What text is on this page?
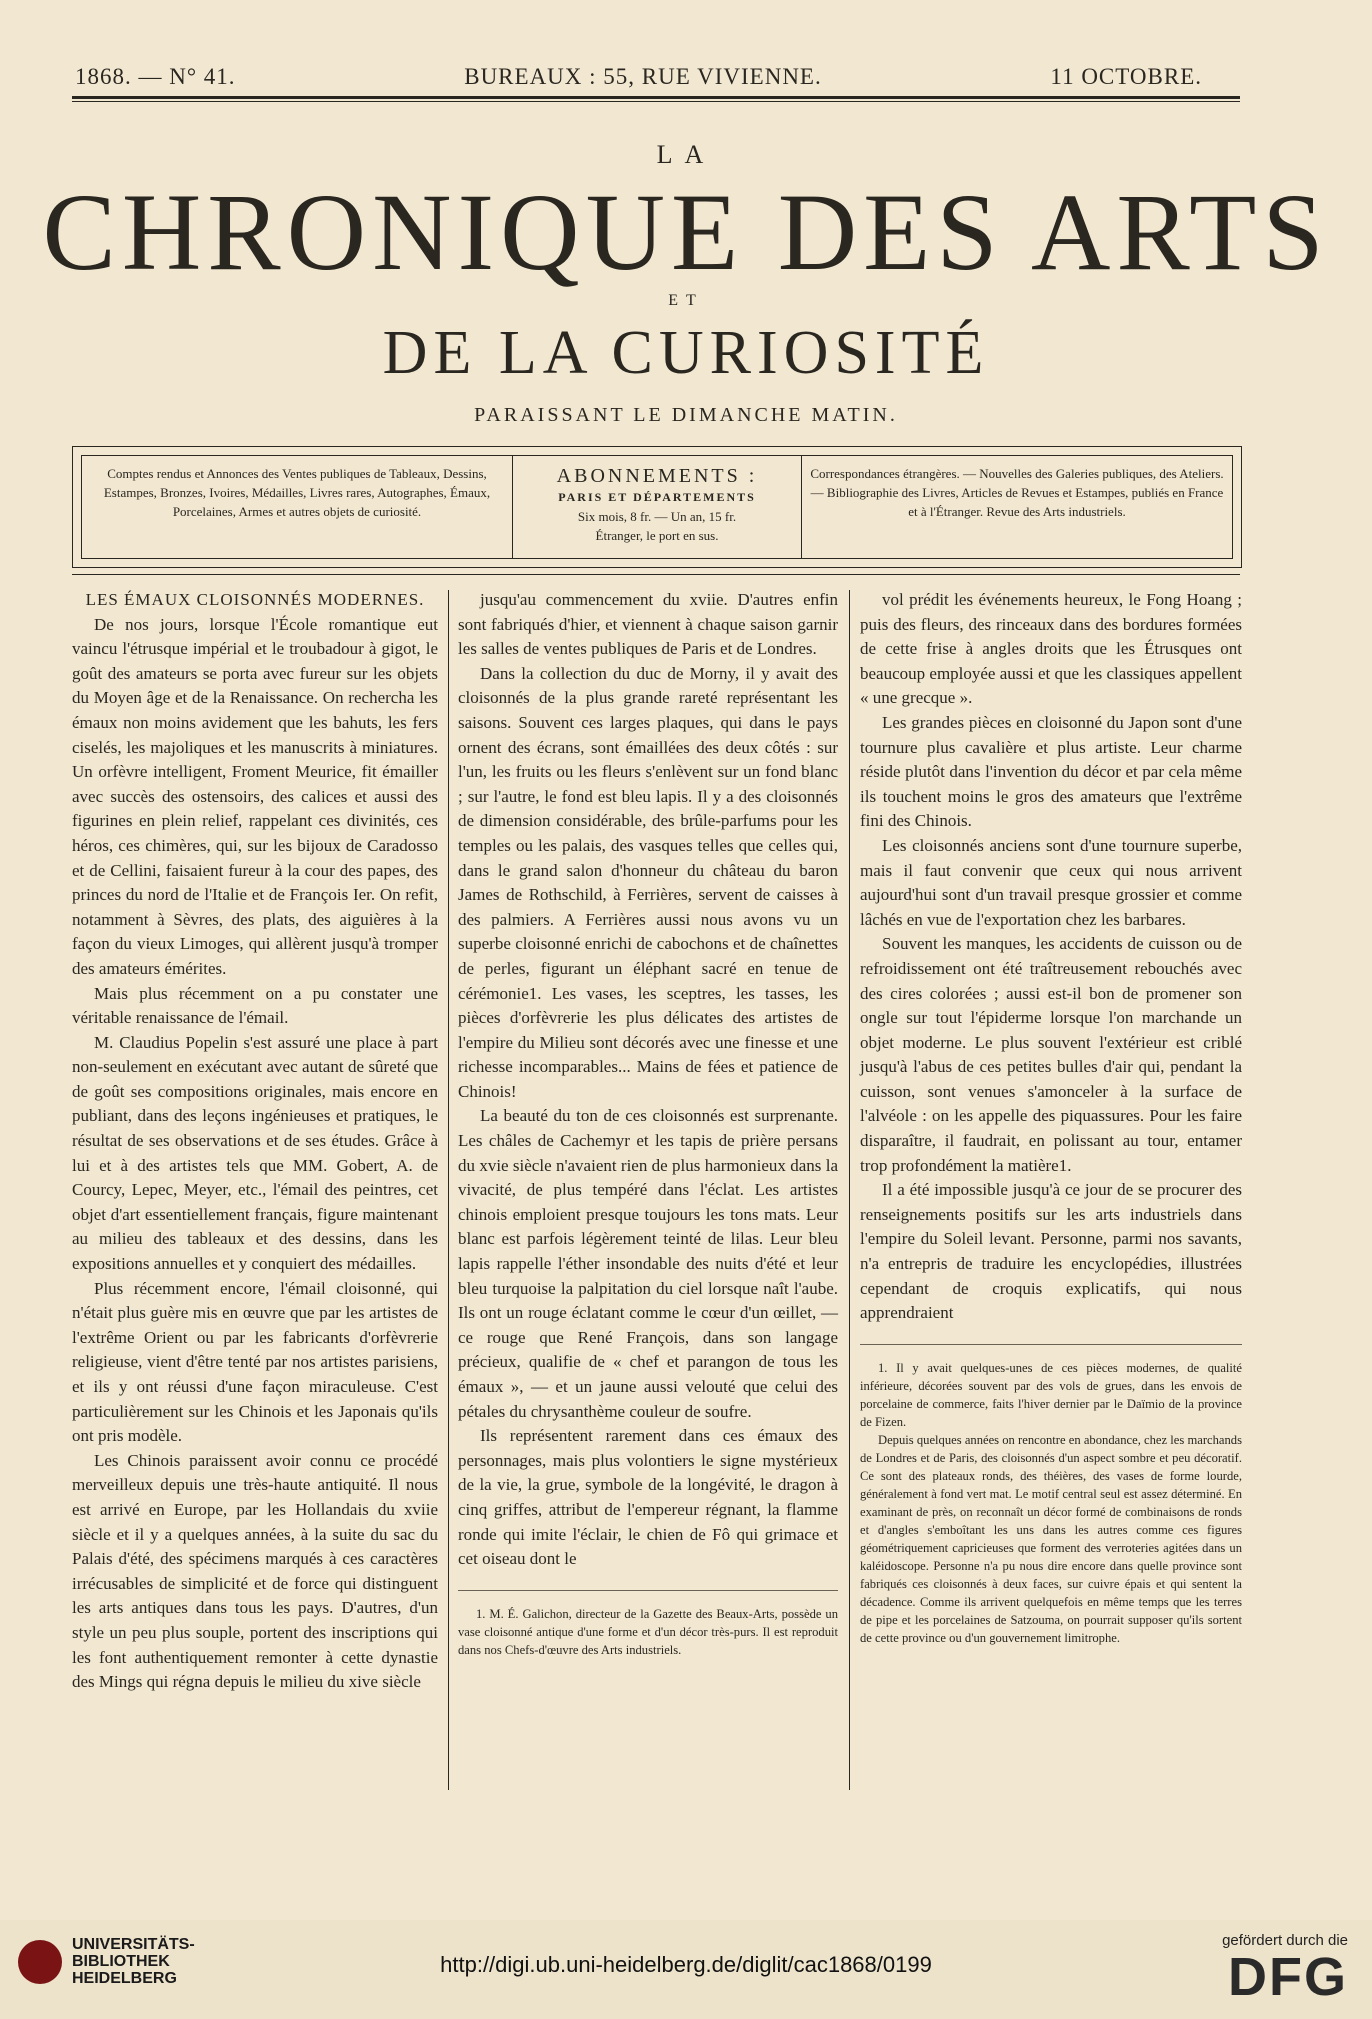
1868. — N° 41.	BUREAUX : 55, RUE VIVIENNE.	11 OCTOBRE.
LA
CHRONIQUE DES ARTS
ET
DE LA CURIOSITÉ
PARAISSANT LE DIMANCHE MATIN.
Comptes rendus et Annonces des Ventes publiques de Tableaux, Dessins, Estampes, Bronzes, Ivoires, Médailles, Livres rares, Autographes, Émaux, Porcelaines, Armes et autres objets de curiosité.
ABONNEMENTS :
PARIS ET DÉPARTEMENTS
Six mois, 8 fr. — Un an, 15 fr.
Étranger, le port en sus.
Correspondances étrangères. — Nouvelles des Galeries publiques, des Ateliers. — Bibliographie des Livres, Articles de Revues et Estampes, publiés en France et à l'Étranger. Revue des Arts industriels.

LES ÉMAUX CLOISONNÉS MODERNES.

De nos jours, lorsque l'École romantique eut vaincu l'étrusque impérial et le troubadour à gigot, le goût des amateurs se porta avec fureur sur les objets du Moyen âge et de la Renaissance. On rechercha les émaux non moins avidement que les bahuts, les fers ciselés, les majoliques et les manuscrits à miniatures. Un orfèvre intelligent, Froment Meurice, fit émailler avec succès des ostensoirs, des calices et aussi des figurines en plein relief, rappelant ces divinités, ces héros, ces chimères, qui, sur les bijoux de Caradosso et de Cellini, faisaient fureur à la cour des papes, des princes du nord de l'Italie et de François Ier. On refit, notamment à Sèvres, des plats, des aiguières à la façon du vieux Limoges, qui allèrent jusqu'à tromper des amateurs émérites.

Mais plus récemment on a pu constater une véritable renaissance de l'émail.

M. Claudius Popelin s'est assuré une place à part non-seulement en exécutant avec autant de sûreté que de goût ses compositions originales, mais encore en publiant, dans des leçons ingénieuses et pratiques, le résultat de ses observations et de ses études. Grâce à lui et à des artistes tels que MM. Gobert, A. de Courcy, Lepec, Meyer, etc., l'émail des peintres, cet objet d'art essentiellement français, figure maintenant au milieu des tableaux et des dessins, dans les expositions annuelles et y conquiert des médailles.

Plus récemment encore, l'émail cloisonné, qui n'était plus guère mis en œuvre que par les artistes de l'extrême Orient ou par les fabricants d'orfèvrerie religieuse, vient d'être tenté par nos artistes parisiens, et ils y ont réussi d'une façon miraculeuse. C'est particulièrement sur les Chinois et les Japonais qu'ils ont pris modèle.

Les Chinois paraissent avoir connu ce procédé merveilleux depuis une très-haute antiquité. Il nous est arrivé en Europe, par les Hollandais du xviie siècle et il y a quelques années, à la suite du sac du Palais d'été, des spécimens marqués à ces caractères irrécusables de simplicité et de force qui distinguent les arts antiques dans tous les pays. D'autres, d'un style un peu plus souple, portent des inscriptions qui les font authentiquement remonter à cette dynastie des Mings qui régna depuis le milieu du xive siècle

jusqu'au commencement du xviie. D'autres enfin sont fabriqués d'hier, et viennent à chaque saison garnir les salles de ventes publiques de Paris et de Londres.

Dans la collection du duc de Morny, il y avait des cloisonnés de la plus grande rareté représentant les saisons. Souvent ces larges plaques, qui dans le pays ornent des écrans, sont émaillées des deux côtés : sur l'un, les fruits ou les fleurs s'enlèvent sur un fond blanc ; sur l'autre, le fond est bleu lapis. Il y a des cloisonnés de dimension considérable, des brûle-parfums pour les temples ou les palais, des vasques telles que celles qui, dans le grand salon d'honneur du château du baron James de Rothschild, à Ferrières, servent de caisses à des palmiers. A Ferrières aussi nous avons vu un superbe cloisonné enrichi de cabochons et de chaînettes de perles, figurant un éléphant sacré en tenue de cérémonie1. Les vases, les sceptres, les tasses, les pièces d'orfèvrerie les plus délicates des artistes de l'empire du Milieu sont décorés avec une finesse et une richesse incomparables... Mains de fées et patience de Chinois!

La beauté du ton de ces cloisonnés est surprenante. Les châles de Cachemyr et les tapis de prière persans du xvie siècle n'avaient rien de plus harmonieux dans la vivacité, de plus tempéré dans l'éclat. Les artistes chinois emploient presque toujours les tons mats. Leur blanc est parfois légèrement teinté de lilas. Leur bleu lapis rappelle l'éther insondable des nuits d'été et leur bleu turquoise la palpitation du ciel lorsque naît l'aube. Ils ont un rouge éclatant comme le cœur d'un œillet, — ce rouge que René François, dans son langage précieux, qualifie de « chef et parangon de tous les émaux », — et un jaune aussi velouté que celui des pétales du chrysanthème couleur de soufre.

Ils représentent rarement dans ces émaux des personnages, mais plus volontiers le signe mystérieux de la vie, la grue, symbole de la longévité, le dragon à cinq griffes, attribut de l'empereur régnant, la flamme ronde qui imite l'éclair, le chien de Fô qui grimace et cet oiseau dont le

1. M. É. Galichon, directeur de la Gazette des Beaux-Arts, possède un vase cloisonné antique d'une forme et d'un décor très-purs. Il est reproduit dans nos Chefs-d'œuvre des Arts industriels.

vol prédit les événements heureux, le Fong Hoang ; puis des fleurs, des rinceaux dans des bordures formées de cette frise à angles droits que les Étrusques ont beaucoup employée aussi et que les classiques appellent « une grecque ».

Les grandes pièces en cloisonné du Japon sont d'une tournure plus cavalière et plus artiste. Leur charme réside plutôt dans l'invention du décor et par cela même ils touchent moins le gros des amateurs que l'extrême fini des Chinois.

Les cloisonnés anciens sont d'une tournure superbe, mais il faut convenir que ceux qui nous arrivent aujourd'hui sont d'un travail presque grossier et comme lâchés en vue de l'exportation chez les barbares.

Souvent les manques, les accidents de cuisson ou de refroidissement ont été traîtreusement rebouchés avec des cires colorées ; aussi est-il bon de promener son ongle sur tout l'épiderme lorsque l'on marchande un objet moderne. Le plus souvent l'extérieur est criblé jusqu'à l'abus de ces petites bulles d'air qui, pendant la cuisson, sont venues s'amonceler à la surface de l'alvéole : on les appelle des piquassures. Pour les faire disparaître, il faudrait, en polissant au tour, entamer trop profondément la matière1.

Il a été impossible jusqu'à ce jour de se procurer des renseignements positifs sur les arts industriels dans l'empire du Soleil levant. Personne, parmi nos savants, n'a entrepris de traduire les encyclopédies, illustrées cependant de croquis explicatifs, qui nous apprendraient

1. Il y avait quelques-unes de ces pièces modernes, de qualité inférieure, décorées souvent par des vols de grues, dans les envois de porcelaine de commerce, faits l'hiver dernier par le Daïmio de la province de Fizen.

Depuis quelques années on rencontre en abondance, chez les marchands de Londres et de Paris, des cloisonnés d'un aspect sombre et peu décoratif. Ce sont des plateaux ronds, des théières, des vases de forme lourde, généralement à fond vert mat. Le motif central seul est assez déterminé. En examinant de près, on reconnaît un décor formé de combinaisons de ronds et d'angles s'emboîtant les uns dans les autres comme ces figures géométriquement capricieuses que forment des verroteries agitées dans un kaléidoscope. Personne n'a pu nous dire encore dans quelle province sont fabriqués ces cloisonnés à deux faces, sur cuivre épais et qui sentent la décadence. Comme ils arrivent quelquefois en même temps que les terres de pipe et les porcelaines de Satzouma, on pourrait supposer qu'ils sortent de cette province ou d'un gouvernement limitrophe.

UNIVERSITÄTS-
BIBLIOTHEK
HEIDELBERG
http://digi.ub.uni-heidelberg.de/diglit/cac1868/0199
gefördert durch die
DFG
